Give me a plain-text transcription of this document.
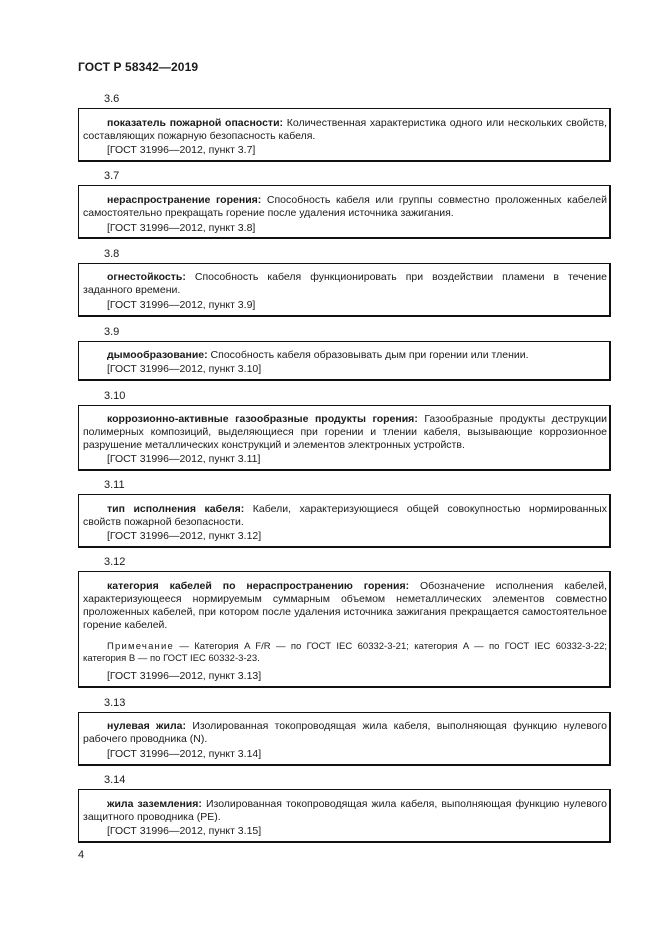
ГОСТ Р 58342—2019
3.6

показатель пожарной опасности: Количественная характеристика одного или нескольких свойств, составляющих пожарную безопасность кабеля.

[ГОСТ 31996—2012, пункт 3.7]

3.7

нераспространение горения: Способность кабеля или группы совместно проложенных кабелей самостоятельно прекращать горение после удаления источника зажигания.

[ГОСТ 31996—2012, пункт 3.8]

3.8

огнестойкость: Способность кабеля функционировать при воздействии пламени в течение заданного времени.

[ГОСТ 31996—2012, пункт 3.9]

3.9

дымообразование: Способность кабеля образовывать дым при горении или тлении.

[ГОСТ 31996—2012, пункт 3.10]

3.10

коррозионно-активные газообразные продукты горения: Газообразные продукты деструкции полимерных композиций, выделяющиеся при горении и тлении кабеля, вызывающие коррозионное разрушение металлических конструкций и элементов электронных устройств.

[ГОСТ 31996—2012, пункт 3.11]

3.11

тип исполнения кабеля: Кабели, характеризующиеся общей совокупностью нормированных свойств пожарной безопасности.

[ГОСТ 31996—2012, пункт 3.12]

3.12

категория кабелей по нераспространению горения: Обозначение исполнения кабелей, характеризующееся нормируемым суммарным объемом неметаллических элементов совместно проложенных кабелей, при котором после удаления источника зажигания прекращается самостоятельное горение кабелей.

Примечание — Категория A F/R — по ГОСТ IEC 60332-3-21; категория A — по ГОСТ IEC 60332-3-22; категория B — по ГОСТ IEC 60332-3-23.

[ГОСТ 31996—2012, пункт 3.13]

3.13

нулевая жила: Изолированная токопроводящая жила кабеля, выполняющая функцию нулевого рабочего проводника (N).

[ГОСТ 31996—2012, пункт 3.14]

3.14

жила заземления: Изолированная токопроводящая жила кабеля, выполняющая функцию нулевого защитного проводника (PE).

[ГОСТ 31996—2012, пункт 3.15]

4
